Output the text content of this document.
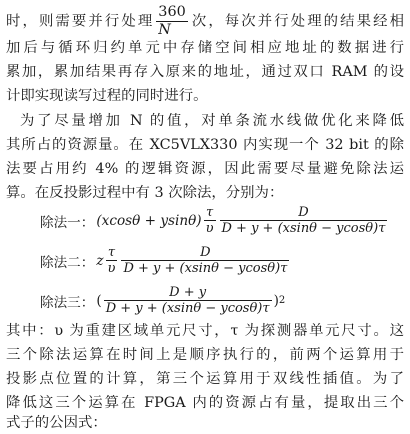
时，则需要并行处理 $\frac{360}{N}$ 次，每次并行处理的结果经相
加后与循环归约单元中存储空间相应地址的数据进行
累加，累加结果再存入原来的地址，通过双口 RAM 的设
计即实现读写过程的同时进行。
为了尽量增加 N 的值，对单条流水线做优化来降低
其所占的资源量。在 XC5VLX330 内实现一个 32 bit 的除
法要占用约 4% 的逻辑资源，因此需要尽量避免除法运
算。在反投影过程中有 3 次除法，分别为：
除法一： $(xcos\theta + ysin\theta) \frac{\tau}{\upsilon} \frac{D}{D + y + (xsin\theta - ycos\theta)\tau}$
除法二： z $\frac{\tau}{\upsilon} \frac{D}{D + y + (xsin\theta - ycos\theta)\tau}$
除法三： ( $\frac{D + y}{D + y + (xsin\theta - ycos\theta)\tau}$ ) 2
其中：υ 为重建区域单元尺寸，τ 为探测器单元尺寸。这
三个除法运算在时间上是顺序执行的，前两个运算用于
投影点位置的计算，第三个运算用于双线性插值。为了
降低这三个运算在 FPGA 内的资源占有量，提取出三个
式子的公因式：
